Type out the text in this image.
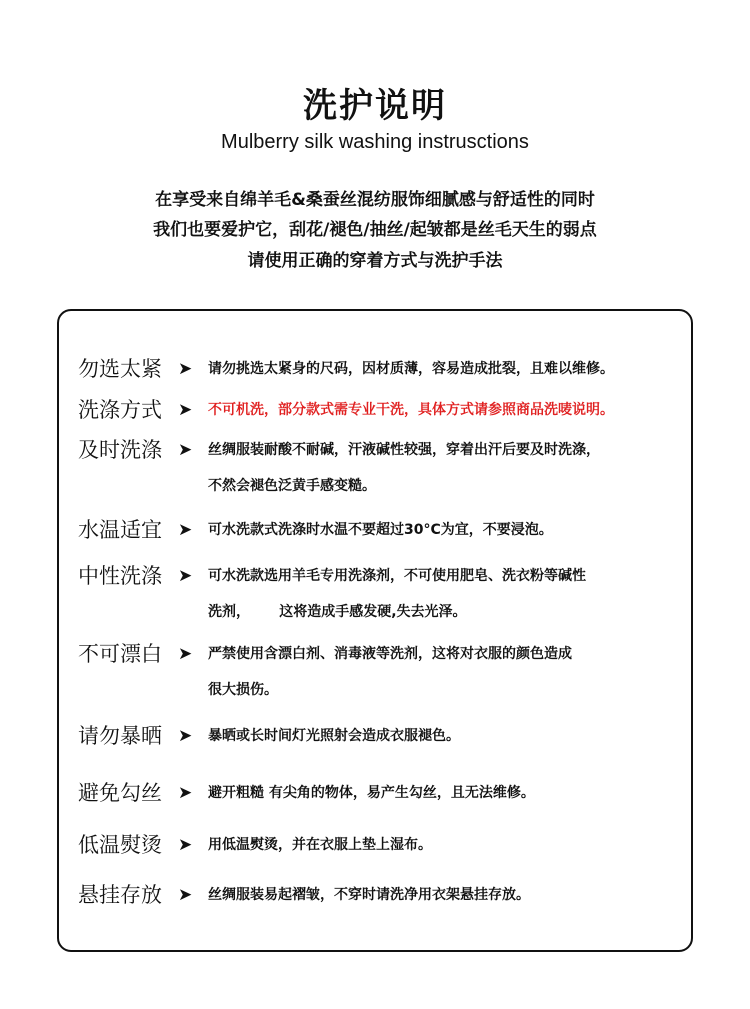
洗护说明
Mulberry silk washing instrusctions
在享受来自绵羊毛&桑蚕丝混纺服饰细腻感与舒适性的同时
我们也要爱护它，刮花/褪色/抽丝/起皱都是丝毛天生的弱点
请使用正确的穿着方式与洗护手法
勿选太紧 ➤ 请勿挑选太紧身的尺码，因材质薄，容易造成批裂，且难以维修。
洗涤方式 ➤ 不可机洗，部分款式需专业干洗，具体方式请参照商品洗唛说明。
及时洗涤 ➤ 丝绸服装耐酸不耐碱，汗液碱性较强，穿着出汗后要及时洗涤，
不然会褪色泛黄手感变糙。
水温适宜 ➤ 可水洗款式洗涤时水温不要超过30°C为宜，不要浸泡。
中性洗涤 ➤ 可水洗款选用羊毛专用洗涤剂，不可使用肥皂、洗衣粉等碱性
洗剂，      这将造成手感发硬,失去光泽。
不可漂白 ➤ 严禁使用含漂白剂、消毒液等洗剂，这将对衣服的颜色造成
很大损伤。
请勿暴晒 ➤ 暴晒或长时间灯光照射会造成衣服褪色。
避免勾丝 ➤ 避开粗糙 有尖角的物体，易产生勾丝，且无法维修。
低温熨烫 ➤ 用低温熨烫，并在衣服上垫上湿布。
悬挂存放 ➤ 丝绸服装易起褶皱，不穿时请洗净用衣架悬挂存放。
